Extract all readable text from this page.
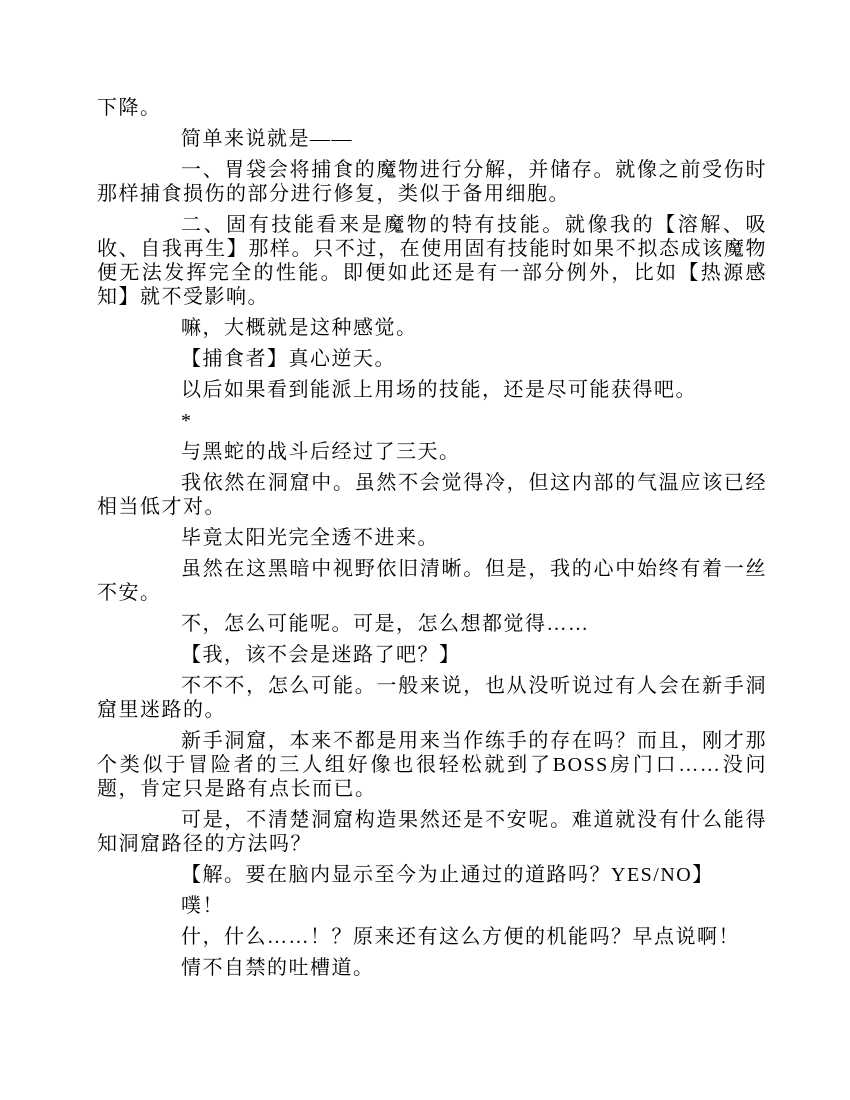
下降。

简单来说就是——

一、胃袋会将捕食的魔物进行分解，并储存。就像之前受伤时那样捕食损伤的部分进行修复，类似于备用细胞。

二、固有技能看来是魔物的特有技能。就像我的【溶解、吸收、自我再生】那样。只不过，在使用固有技能时如果不拟态成该魔物便无法发挥完全的性能。即便如此还是有一部分例外，比如【热源感知】就不受影响。

嘛，大概就是这种感觉。

【捕食者】真心逆天。

以后如果看到能派上用场的技能，还是尽可能获得吧。

*

与黑蛇的战斗后经过了三天。

我依然在洞窟中。虽然不会觉得冷，但这内部的气温应该已经相当低才对。

毕竟太阳光完全透不进来。

虽然在这黑暗中视野依旧清晰。但是，我的心中始终有着一丝不安。

不，怎么可能呢。可是，怎么想都觉得……

【我，该不会是迷路了吧？】

不不不，怎么可能。一般来说，也从没听说过有人会在新手洞窟里迷路的。

新手洞窟，本来不都是用来当作练手的存在吗？而且，刚才那个类似于冒险者的三人组好像也很轻松就到了BOSS房门口……没问题，肯定只是路有点长而已。

可是，不清楚洞窟构造果然还是不安呢。难道就没有什么能得知洞窟路径的方法吗？

【解。要在脑内显示至今为止通过的道路吗？YES/NO】

噗！

什，什么……！？原来还有这么方便的机能吗？早点说啊！

情不自禁的吐槽道。
